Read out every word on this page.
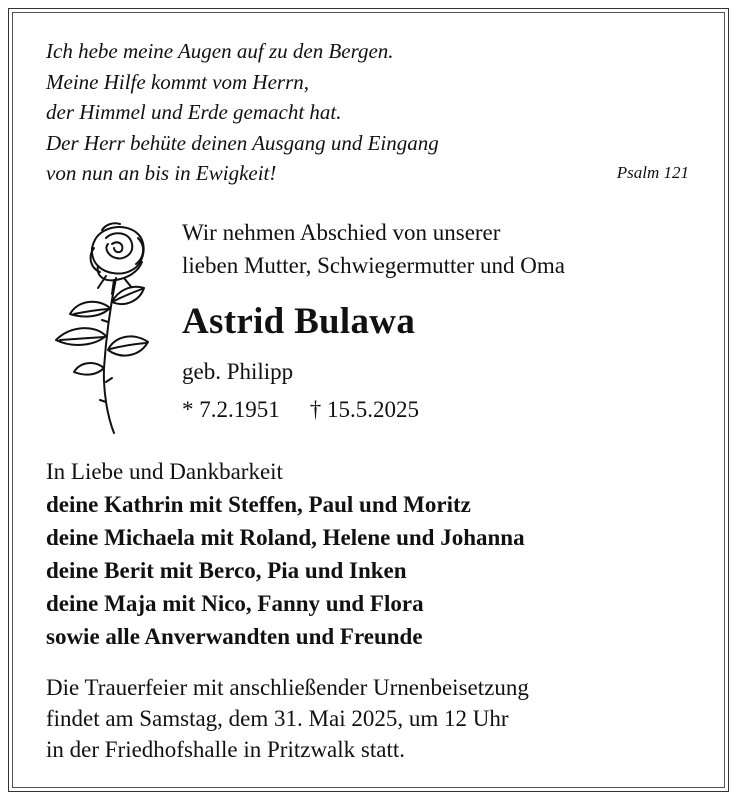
Ich hebe meine Augen auf zu den Bergen.
Meine Hilfe kommt vom Herrn,
der Himmel und Erde gemacht hat.
Der Herr behüte deinen Ausgang und Eingang
von nun an bis in Ewigkeit!	Psalm 121
Wir nehmen Abschied von unserer
lieben Mutter, Schwiegermutter und Oma
Astrid Bulawa
geb. Philipp
* 7.2.1951 † 15.5.2025
In Liebe und Dankbarkeit
deine Kathrin mit Steffen, Paul und Moritz
deine Michaela mit Roland, Helene und Johanna
deine Berit mit Berco, Pia und Inken
deine Maja mit Nico, Fanny und Flora
sowie alle Anverwandten und Freunde
Die Trauerfeier mit anschließender Urnenbeisetzung
findet am Samstag, dem 31. Mai 2025, um 12 Uhr
in der Friedhofshalle in Pritzwalk statt.
